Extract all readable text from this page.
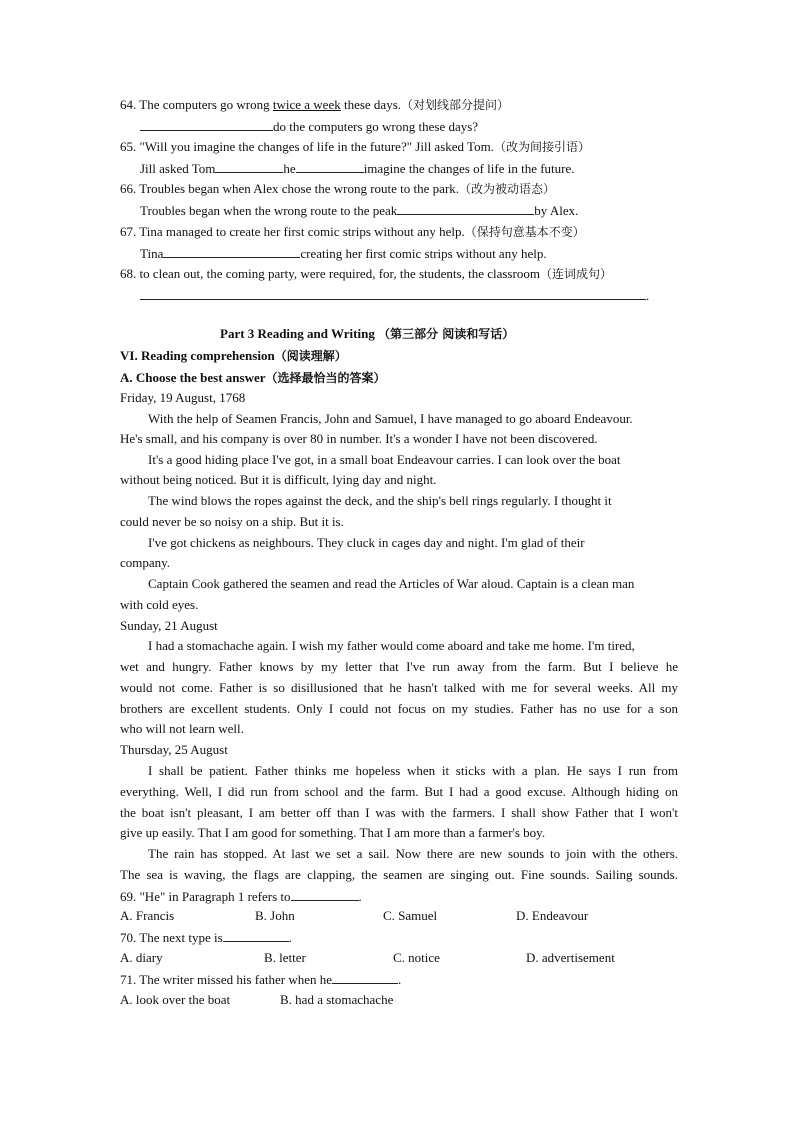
64. The computers go wrong twice a week these days.（对划线部分提问）
do the computers go wrong these days?
65. "Will you imagine the changes of life in the future?" Jill asked Tom.（改为间接引语）
Jill asked Tom	he	imagine the changes of life in the future.
66. Troubles began when Alex chose the wrong route to the park.（改为被动语态）
Troubles began when the wrong route to the peak	by Alex.
67. Tina managed to create her first comic strips without any help.（保持句意基本不变）
Tina	creating her first comic strips without any help.
68. to clean out, the coming party, were required, for, the students, the classroom（连词成句）
.
Part 3 Reading and Writing （第三部分 阅读和写话）
VI. Reading comprehension（阅读理解）
A. Choose the best answer（选择最恰当的答案）
Friday, 19 August, 1768
With the help of Seamen Francis, John and Samuel, I have managed to go aboard Endeavour.
He's small, and his company is over 80 in number. It's a wonder I have not been discovered.
It's a good hiding place I've got, in a small boat Endeavour carries. I can look over the boat
without being noticed. But it is difficult, lying day and night.
The wind blows the ropes against the deck, and the ship's bell rings regularly. I thought it
could never be so noisy on a ship. But it is.
I've got chickens as neighbours. They cluck in cages day and night. I'm glad of their
company.
Captain Cook gathered the seamen and read the Articles of War aloud. Captain is a clean man
with cold eyes.
Sunday, 21 August
I had a stomachache again. I wish my father would come aboard and take me home. I'm tired,
wet and hungry. Father knows by my letter that I've run away from the farm. But I believe he
would not come. Father is so disillusioned that he hasn't talked with me for several weeks. All my
brothers are excellent students. Only I could not focus on my studies. Father has no use for a son
who will not learn well.
Thursday, 25 August
I shall be patient. Father thinks me hopeless when it sticks with a plan. He says I run from
everything. Well, I did run from school and the farm. But I had a good excuse. Although hiding on
the boat isn't pleasant, I am better off than I was with the farmers. I shall show Father that I won't
give up easily. That I am good for something. That I am more than a farmer's boy.
The rain has stopped. At last we set a sail. Now there are new sounds to join with the others.
The sea is waving, the flags are clapping, the seamen are singing out. Fine sounds. Sailing sounds.
69. "He" in Paragraph 1 refers to	.
A. Francis	B. John	C. Samuel	D. Endeavour
70. The next type is	.
A. diary	B. letter	C. notice	D. advertisement
71. The writer missed his father when he	.
A. look over the boat	B. had a stomachache
